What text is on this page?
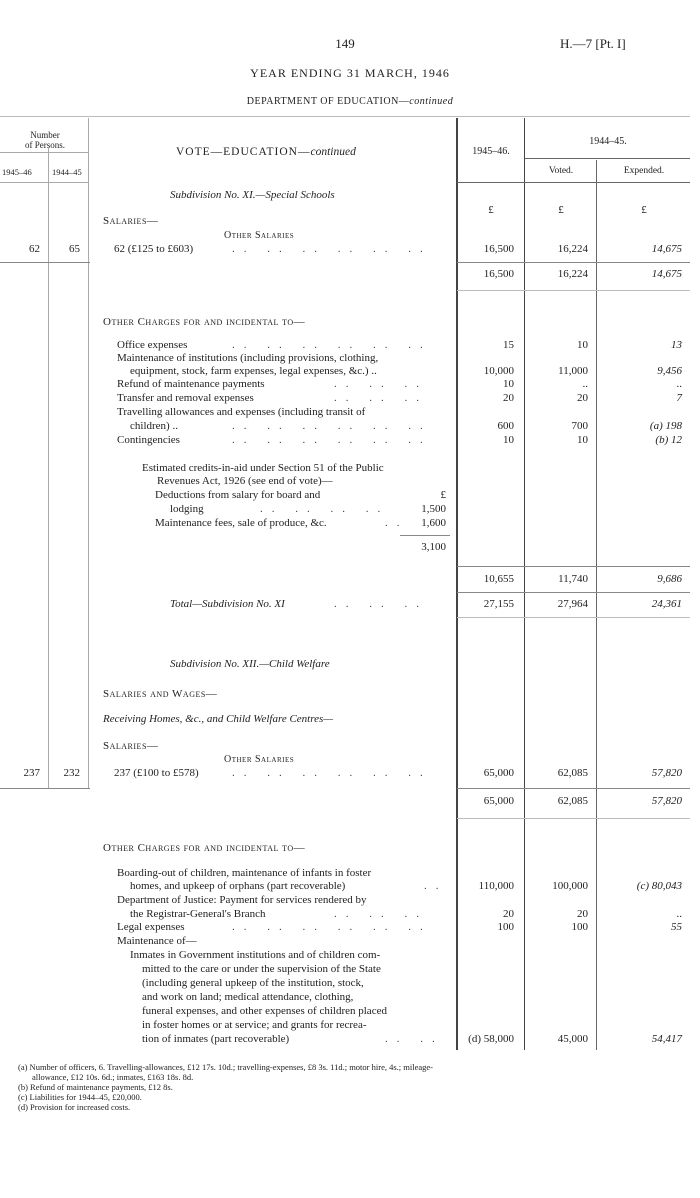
149	H.—7 [Pt. I]
YEAR ENDING 31 MARCH, 1946
DEPARTMENT OF EDUCATION—continued
Number
of Persons.
1945–46 1944–45
VOTE—EDUCATION—continued	1945–46.
1944–45.
Voted.	Expended.
Subdivision No. XI.—Special Schools
£	£	£
Salaries—
Other Salaries
62	65	62 (£125 to £603)	.. .. .. .. .. ..	16,500	16,224	14,675
16,500	16,224	14,675
Other Charges for and incidental to—
Office expenses	.. .. .. .. .. ..	15	10	13
Maintenance of institutions (including provisions, clothing,
equipment, stock, farm expenses, legal expenses, &c.) ..	10,000	11,000	9,456
Refund of maintenance payments	.. .. ..	10	..	..
Transfer and removal expenses	.. .. ..	20	20	7
Travelling allowances and expenses (including transit of
children) ..	.. .. .. .. .. ..	600	700	(a) 198
Contingencies	.. .. .. .. .. ..	10	10	(b) 12
Estimated credits-in-aid under Section 51 of the Public
Revenues Act, 1926 (see end of vote)—
Deductions from salary for board and	£
lodging	.. .. .. ..	1,500
Maintenance fees, sale of produce, &c.	..	1,600
3,100
10,655	11,740	9,686
Total—Subdivision No. XI	.. .. ..	27,155	27,964	24,361
Subdivision No. XII.—Child Welfare
Salaries and Wages—
Receiving Homes, &c., and Child Welfare Centres—
Salaries—
Other Salaries
237	232	237 (£100 to £578)	.. .. .. .. .. ..	65,000	62,085	57,820
65,000	62,085	57,820
Other Charges for and incidental to—
Boarding-out of children, maintenance of infants in foster
homes, and upkeep of orphans (part recoverable)	..	110,000	100,000	(c) 80,043
Department of Justice: Payment for services rendered by
the Registrar-General's Branch	.. .. ..	20	20	..
Legal expenses	.. .. .. .. .. ..	100	100	55
Maintenance of—
Inmates in Government institutions and of children com-
mitted to the care or under the supervision of the State
(including general upkeep of the institution, stock,
and work on land; medical attendance, clothing,
funeral expenses, and other expenses of children placed
in foster homes or at service; and grants for recrea-
tion of inmates (part recoverable)	.. ..	(d) 58,000	45,000	54,417
(a) Number of officers, 6. Travelling-allowances, £12 17s. 10d.; travelling-expenses, £8 3s. 11d.; motor hire, 4s.; mileage-
allowance, £12 10s. 6d.; inmates, £163 18s. 8d.
(b) Refund of maintenance payments, £12 8s.
(c) Liabilities for 1944–45, £20,000.
(d) Provision for increased costs.
